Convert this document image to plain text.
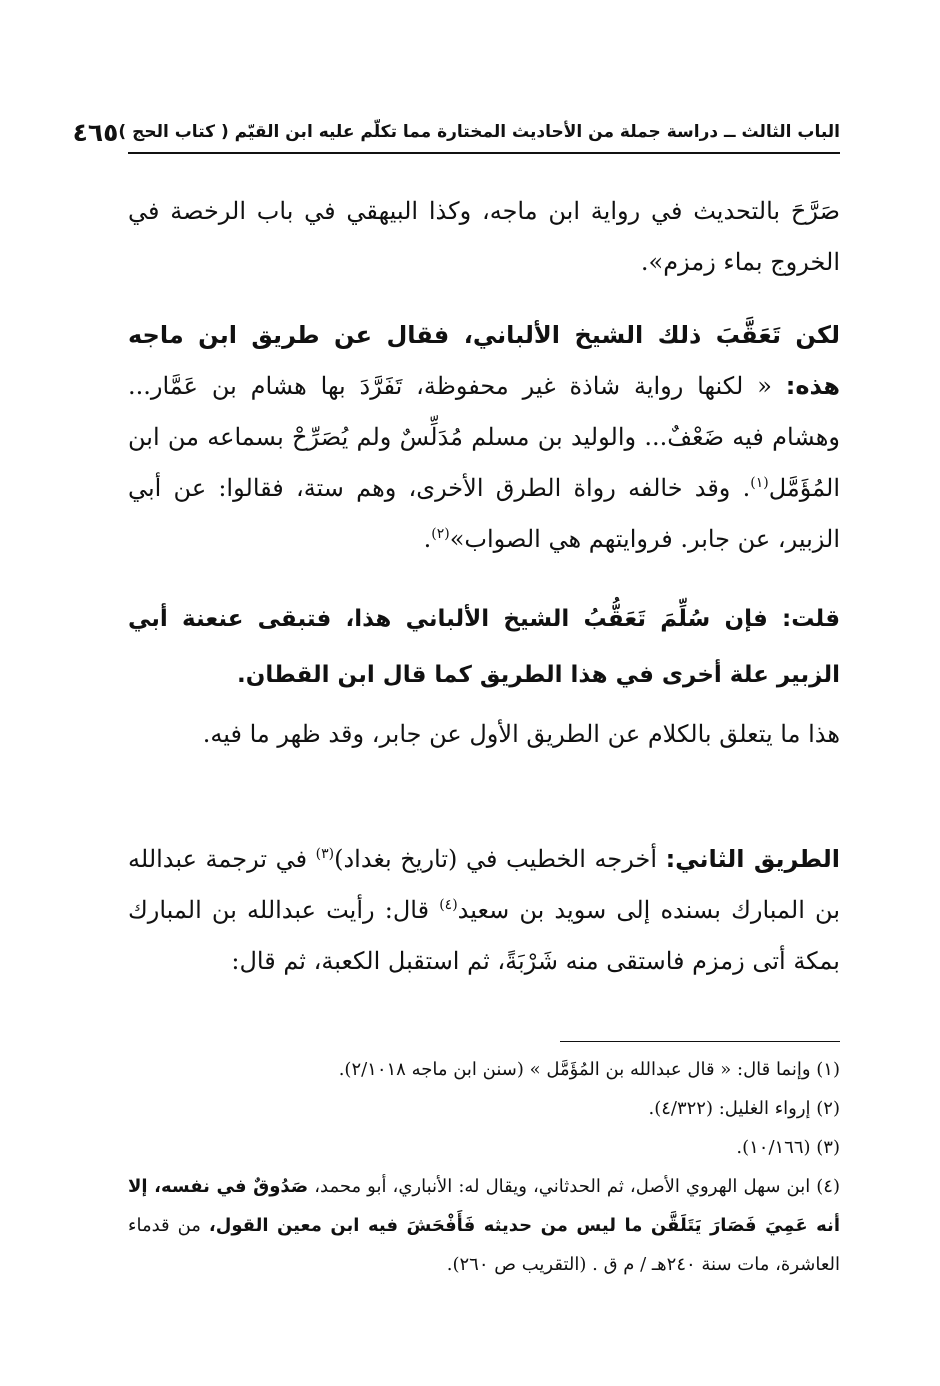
الباب الثالث ــ دراسة جملة من الأحاديث المختارة مما تكلّم عليه ابن القيّم ( كتاب الحج )
٤٦٥

صَرَّحَ بالتحديث في رواية ابن ماجه، وكذا البيهقي في باب الرخصة في الخروج بماء زمزم».

لكن تَعَقَّبَ ذلك الشيخ الألباني، فقال عن طريق ابن ماجه هذه: « لكنها رواية شاذة غير محفوظة، تَفَرَّدَ بها هشام بن عَمَّار... وهشام فيه ضَعْفٌ... والوليد بن مسلم مُدَلِّسٌ ولم يُصَرِّحْ بسماعه من ابن المُؤَمَّل$^{(١)}$. وقد خالفه رواة الطرق الأخرى، وهم ستة، فقالوا: عن أبي الزبير، عن جابر. فروايتهم هي الصواب»$^{(٢)}$.

قلت: فإن سُلِّمَ تَعَقُّبُ الشيخ الألباني هذا، فتبقى عنعنة أبي الزبير علة أخرى في هذا الطريق كما قال ابن القطان.

هذا ما يتعلق بالكلام عن الطريق الأول عن جابر، وقد ظهر ما فيه.

الطريق الثاني: أخرجه الخطيب في (تاريخ بغداد)$^{(٣)}$ في ترجمة عبدالله بن المبارك بسنده إلى سويد بن سعيد$^{(٤)}$ قال: رأيت عبدالله بن المبارك بمكة أتى زمزم فاستقى منه شَرْبَةً، ثم استقبل الكعبة، ثم قال:

(١) وإنما قال: « قال عبدالله بن المُؤَمَّل » (سنن ابن ماجه ٢/١٠١٨).

(٢) إرواء الغليل: (٤/٣٢٢).

(٣) (١٠/١٦٦).

(٤) ابن سهل الهروي الأصل، ثم الحدثاني، ويقال له: الأنباري، أبو محمد، صَدُوقٌ في نفسه، إلا أنه عَمِيَ فَصَارَ يَتَلَقَّن ما ليس من حديثه فَأَفْحَشَ فيه ابن معين القول، من قدماء العاشرة، مات سنة ٢٤٠هـ / م ق . (التقريب ص ٢٦٠).
